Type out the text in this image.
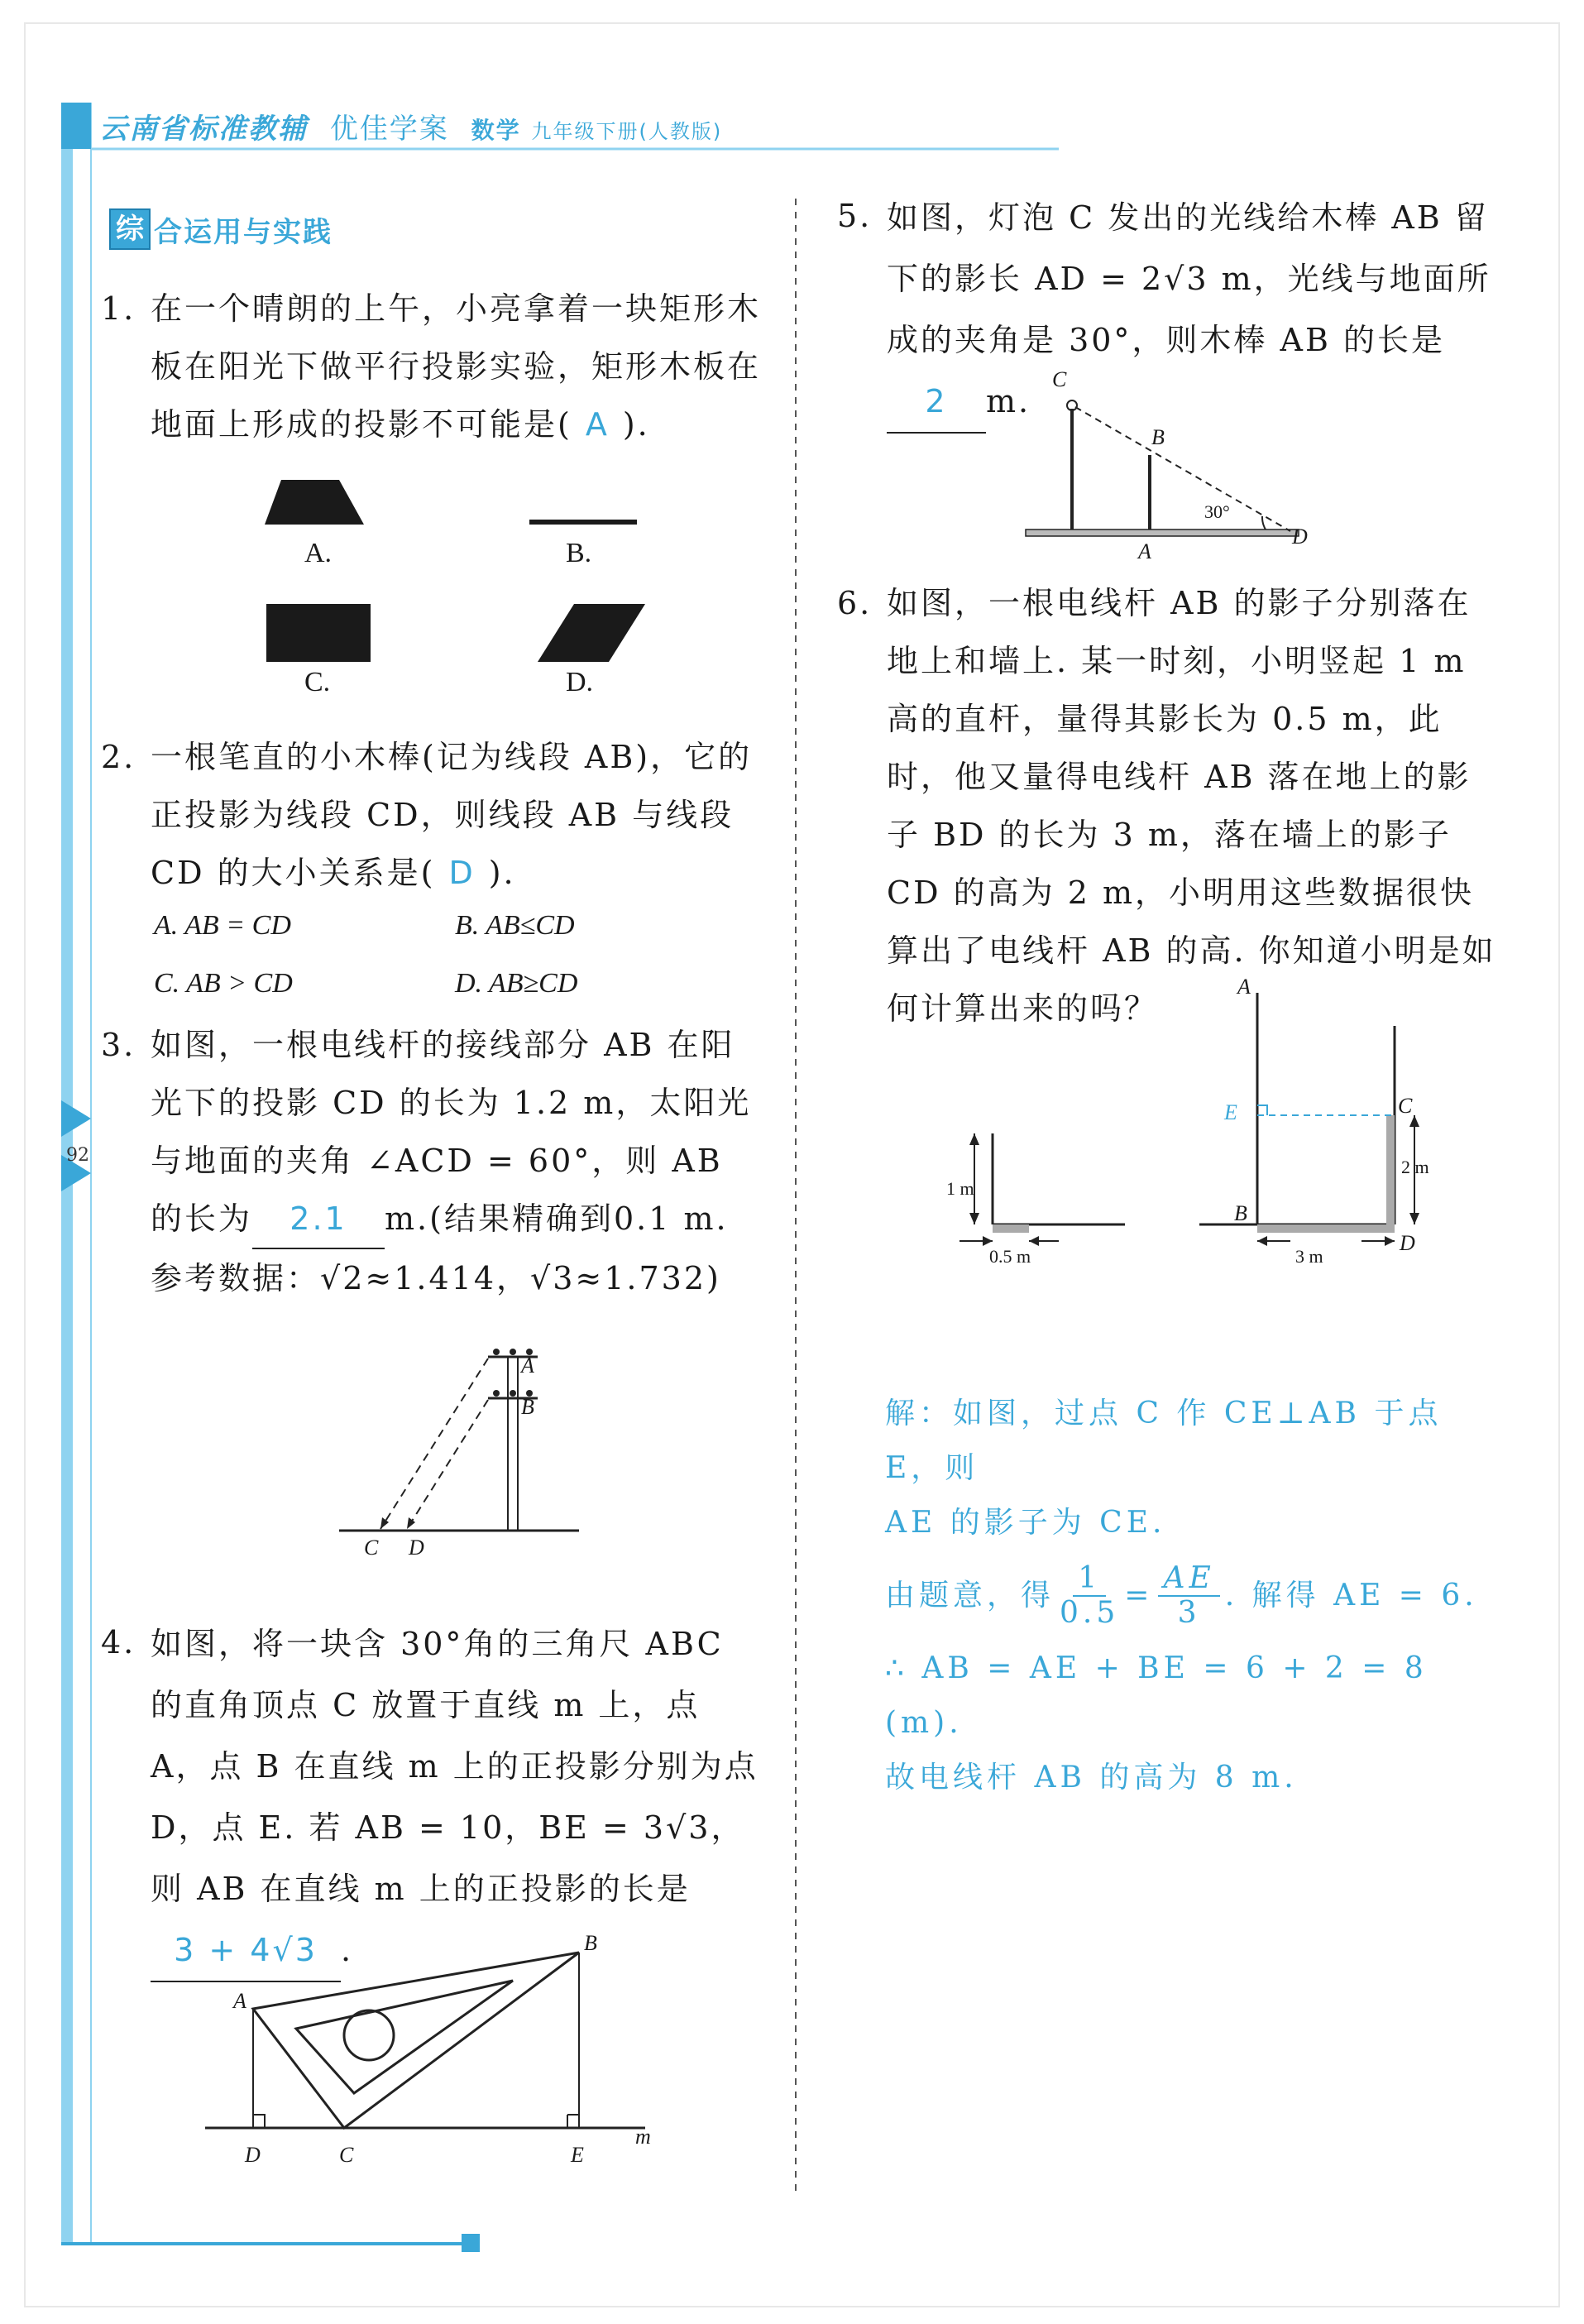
云南省标准教辅 优佳学案 数学 九年级下册(人教版)
92
综 合运用与实践
1. 在一个晴朗的上午，小亮拿着一块矩形木板在阳光下做平行投影实验，矩形木板在地面上形成的投影不可能是( A ).
A.	B.
C.	D.
2. 一根笔直的小木棒(记为线段 AB)，它的正投影为线段 CD，则线段 AB 与线段 CD 的大小关系是( D ).
A. AB = CD	B. AB≤CD
C. AB > CD	D. AB≥CD
3. 如图，一根电线杆的接线部分 AB 在阳光下的投影 CD 的长为 1.2 m，太阳光与地面的夹角 ∠ACD = 60°，则 AB 的长为 2.1 m.(结果精确到0.1 m. 参考数据：√2≈1.414，√3≈1.732)
A
B
C D
4. 如图，将一块含 30°角的三角尺 ABC 的直角顶点 C 放置于直线 m 上，点 A，点 B 在直线 m 上的正投影分别为点 D，点 E. 若 AB = 10，BE = 3√3，则 AB 在直线 m 上的正投影的长是3 + 4√3 .
A
B
C
D	E
m
5. 如图，灯泡 C 发出的光线给木棒 AB 留下的影长 AD = 2√3 m，光线与地面所成的夹角是 30°，则木棒 AB 的长是2 m.
C
B
A
D
30°
6. 如图，一根电线杆 AB 的影子分别落在地上和墙上. 某一时刻，小明竖起 1 m 高的直杆，量得其影长为 0.5 m，此时，他又量得电线杆 AB 落在地上的影子 BD 的长为 3 m，落在墙上的影子 CD 的高为 2 m，小明用这些数据很快算出了电线杆 AB 的高. 你知道小明是如何计算出来的吗？
A
E	C
B
D
1 m
0.5 m	3 m
2 m
解：如图，过点 C 作 CE⊥AB 于点 E，则
AE 的影子为 CE.
由题意，得 $\frac{1}{0.5} = \frac{AE}{3}$ . 解得 AE = 6.
∴ AB = AE + BE = 6 + 2 = 8 (m).
故电线杆 AB 的高为 8 m.
